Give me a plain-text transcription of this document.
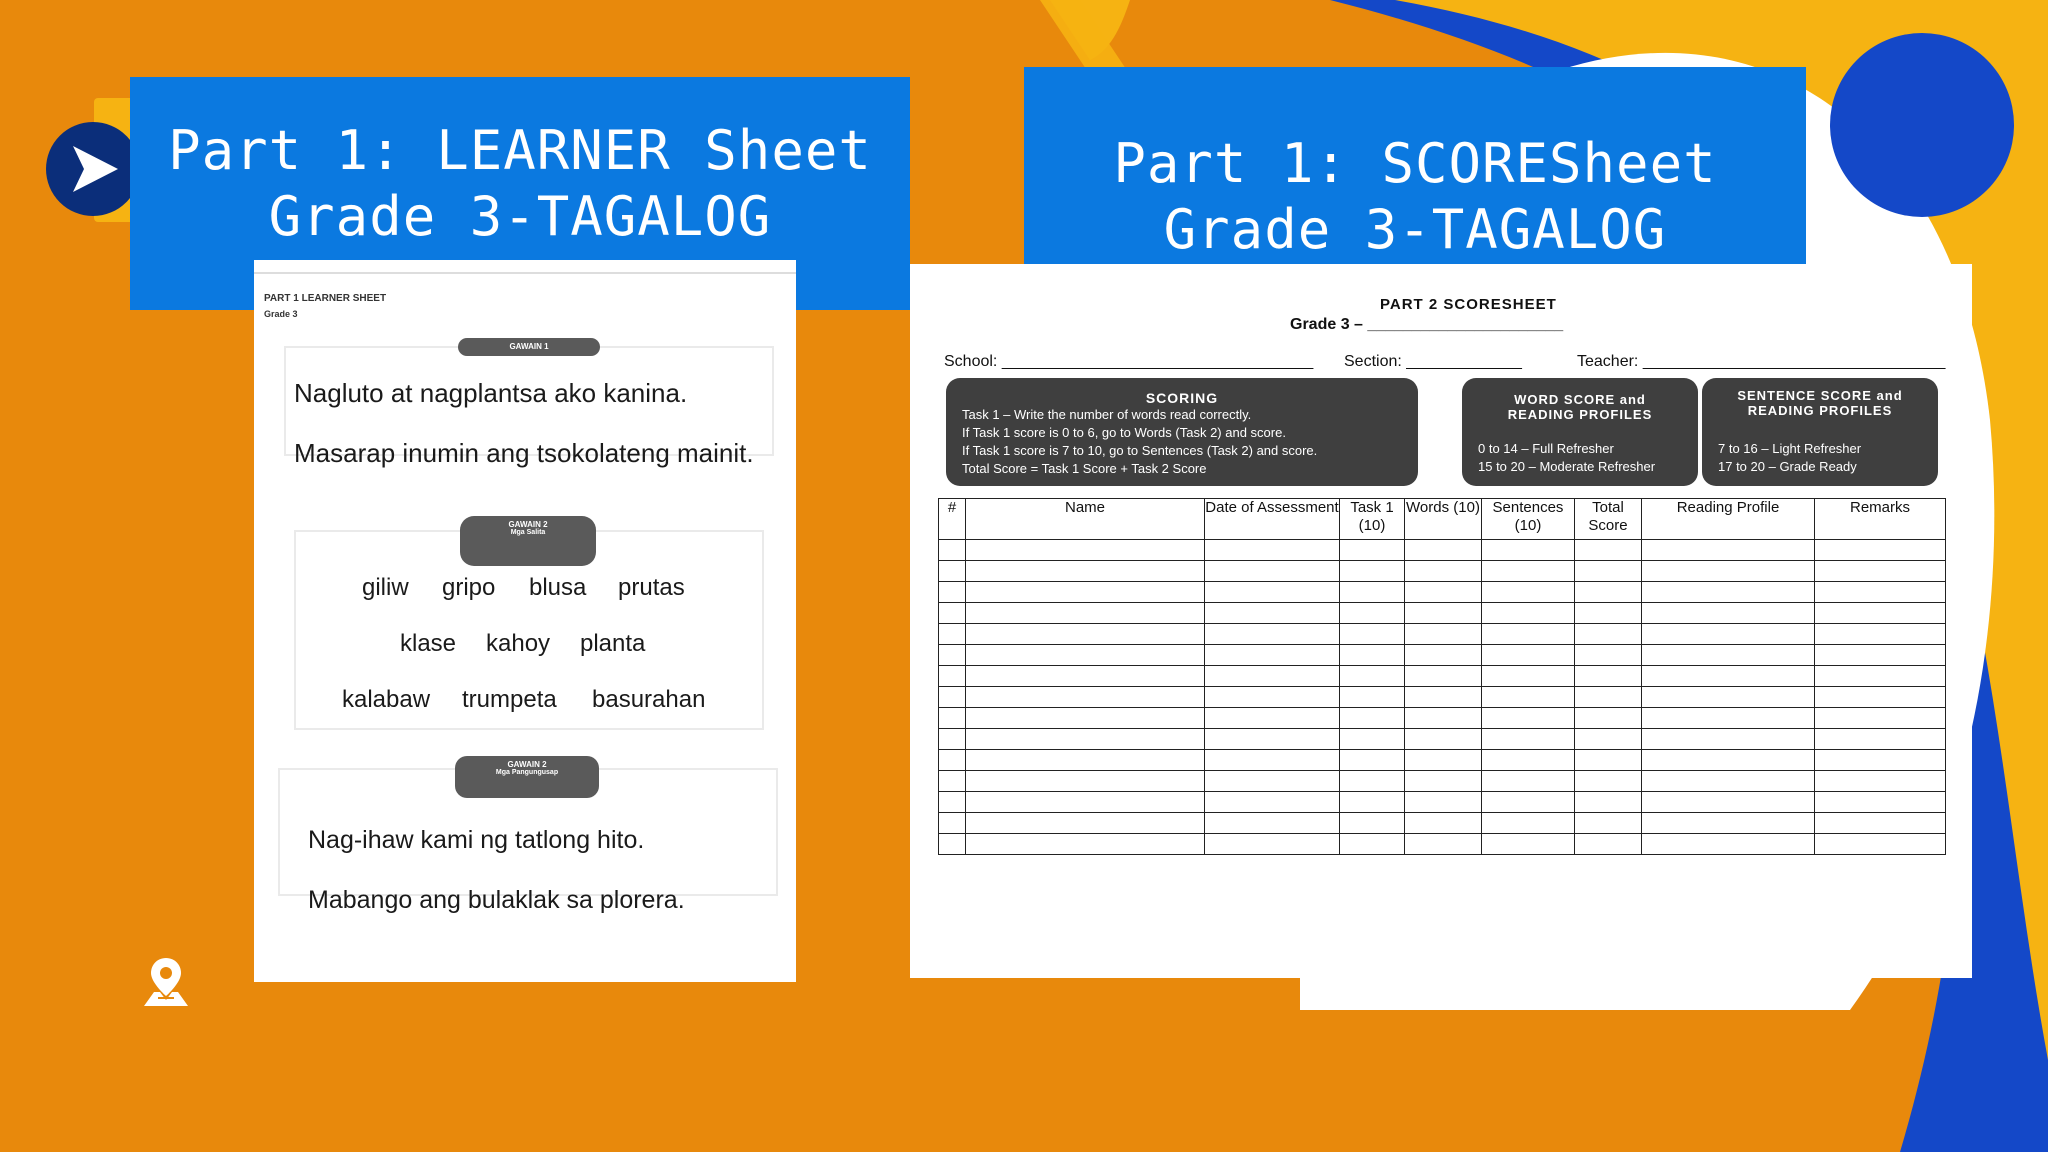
Part 1: LEARNER Sheet
Grade 3-TAGALOG
Part 1: SCORESheet
Grade 3-TAGALOG
PART 1 LEARNER SHEET
Grade 3
GAWAIN 1
Nagluto at nagplantsa ako kanina.
Masarap inumin ang tsokolateng mainit.
GAWAIN 2
Mga Salita
giliw gripo blusa prutas
klase kahoy planta
kalabaw trumpeta basurahan
GAWAIN 2
Mga Pangungusap
Nag-ihaw kami ng tatlong hito.
Mabango ang bulaklak sa plorera.
PART 2 SCORESHEET
Grade 3 – ______________________
School: ___________________________________ Section: _____________	Teacher: __________________________________
SCORING
Task 1 – Write the number of words read correctly.
If Task 1 score is 0 to 6, go to Words (Task 2) and score.
If Task 1 score is 7 to 10, go to Sentences (Task 2) and score.
Total Score = Task 1 Score + Task 2 Score
WORD SCORE and
READING PROFILES
0 to 14 – Full Refresher
15 to 20 – Moderate Refresher
SENTENCE SCORE and
READING PROFILES
7 to 16 – Light Refresher
17 to 20 – Grade Ready
#	Name	Date of Assessment	Task 1 (10)	Words (10)	Sentences (10)	Total Score	Reading Profile	Remarks
